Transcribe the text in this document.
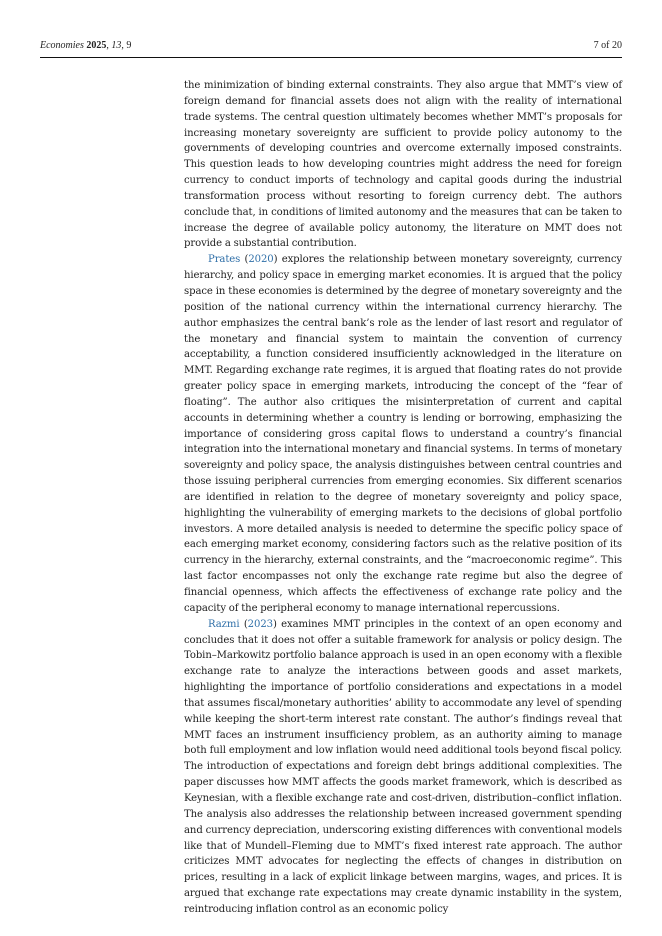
Economies 2025, 13, 9	7 of 20

the minimization of binding external constraints. They also argue that MMT’s view of foreign demand for financial assets does not align with the reality of international trade systems. The central question ultimately becomes whether MMT’s proposals for increasing monetary sovereignty are sufficient to provide policy autonomy to the governments of developing countries and overcome externally imposed constraints. This question leads to how developing countries might address the need for foreign currency to conduct imports of technology and capital goods during the industrial transformation process without resorting to foreign currency debt. The authors conclude that, in conditions of limited autonomy and the measures that can be taken to increase the degree of available policy autonomy, the literature on MMT does not provide a substantial contribution.

Prates (2020) explores the relationship between monetary sovereignty, currency hierarchy, and policy space in emerging market economies. It is argued that the policy space in these economies is determined by the degree of monetary sovereignty and the position of the national currency within the international currency hierarchy. The author emphasizes the central bank’s role as the lender of last resort and regulator of the monetary and financial system to maintain the convention of currency acceptability, a function considered insufficiently acknowledged in the literature on MMT. Regarding exchange rate regimes, it is argued that floating rates do not provide greater policy space in emerging markets, introducing the concept of the “fear of floating”. The author also critiques the misinterpretation of current and capital accounts in determining whether a country is lending or borrowing, emphasizing the importance of considering gross capital flows to understand a country’s financial integration into the international monetary and financial systems. In terms of monetary sovereignty and policy space, the analysis distinguishes between central countries and those issuing peripheral currencies from emerging economies. Six different scenarios are identified in relation to the degree of monetary sovereignty and policy space, highlighting the vulnerability of emerging markets to the decisions of global portfolio investors. A more detailed analysis is needed to determine the specific policy space of each emerging market economy, considering factors such as the relative position of its currency in the hierarchy, external constraints, and the “macroeconomic regime”. This last factor encompasses not only the exchange rate regime but also the degree of financial openness, which affects the effectiveness of exchange rate policy and the capacity of the peripheral economy to manage international repercussions.

Razmi (2023) examines MMT principles in the context of an open economy and concludes that it does not offer a suitable framework for analysis or policy design. The Tobin–Markowitz portfolio balance approach is used in an open economy with a flexible exchange rate to analyze the interactions between goods and asset markets, highlighting the importance of portfolio considerations and expectations in a model that assumes fiscal/monetary authorities’ ability to accommodate any level of spending while keeping the short-term interest rate constant. The author’s findings reveal that MMT faces an instrument insufficiency problem, as an authority aiming to manage both full employment and low inflation would need additional tools beyond fiscal policy. The introduction of expectations and foreign debt brings additional complexities. The paper discusses how MMT affects the goods market framework, which is described as Keynesian, with a flexible exchange rate and cost-driven, distribution–conflict inflation. The analysis also addresses the relationship between increased government spending and currency depreciation, underscoring existing differences with conventional models like that of Mundell–Fleming due to MMT’s fixed interest rate approach. The author criticizes MMT advocates for neglecting the effects of changes in distribution on prices, resulting in a lack of explicit linkage between margins, wages, and prices. It is argued that exchange rate expectations may create dynamic instability in the system, reintroducing inflation control as an economic policy
